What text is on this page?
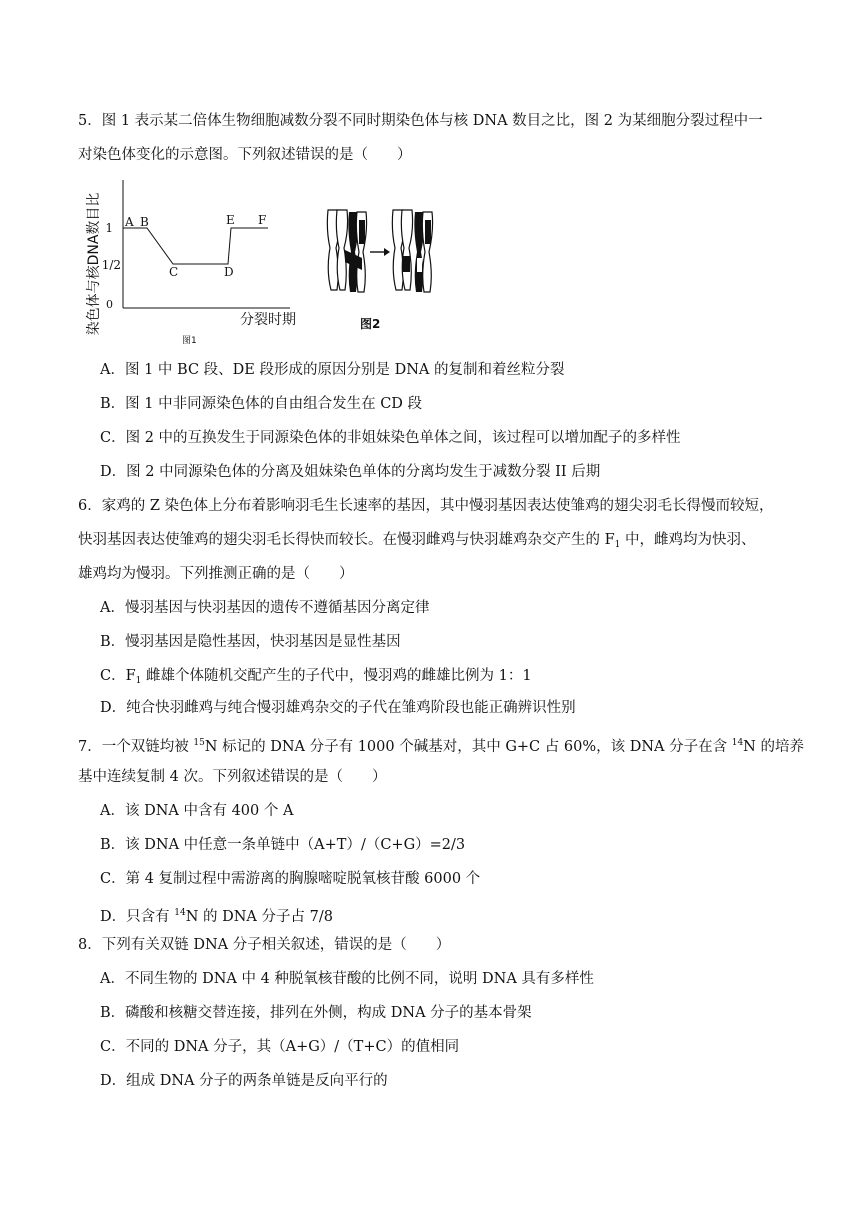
5．图 1 表示某二倍体生物细胞减数分裂不同时期染色体与核 DNA 数目之比，图 2 为某细胞分裂过程中一
对染色体变化的示意图。下列叙述错误的是（　　）
染色体与核DNA数目比 1
1/2
0
A B
C	D
E F
分裂时期
图1
图2
A．图 1 中 BC 段、DE 段形成的原因分别是 DNA 的复制和着丝粒分裂
B．图 1 中非同源染色体的自由组合发生在 CD 段
C．图 2 中的互换发生于同源染色体的非姐妹染色单体之间，该过程可以增加配子的多样性
D．图 2 中同源染色体的分离及姐妹染色单体的分离均发生于减数分裂 II 后期
6．家鸡的 Z 染色体上分布着影响羽毛生长速率的基因，其中慢羽基因表达使雏鸡的翅尖羽毛长得慢而较短，
快羽基因表达使雏鸡的翅尖羽毛长得快而较长。在慢羽雌鸡与快羽雄鸡杂交产生的 $F_1$ 中，雌鸡均为快羽、
雄鸡均为慢羽。下列推测正确的是（　　）
A．慢羽基因与快羽基因的遗传不遵循基因分离定律
B．慢羽基因是隐性基因，快羽基因是显性基因
C．$F_1$ 雌雄个体随机交配产生的子代中，慢羽鸡的雌雄比例为 1：1
D．纯合快羽雌鸡与纯合慢羽雄鸡杂交的子代在雏鸡阶段也能正确辨识性别
7．一个双链均被 $^{15}$N 标记的 DNA 分子有 1000 个碱基对，其中 G+C 占 60%，该 DNA 分子在含 $^{14}$N 的培养
基中连续复制 4 次。下列叙述错误的是（　　）
A．该 DNA 中含有 400 个 A
B．该 DNA 中任意一条单链中（A+T）/（C+G）=2/3
C．第 4 复制过程中需游离的胸腺嘧啶脱氧核苷酸 6000 个
D．只含有 $^{14}$N 的 DNA 分子占 7/8
8．下列有关双链 DNA 分子相关叙述，错误的是（　　）
A．不同生物的 DNA 中 4 种脱氧核苷酸的比例不同，说明 DNA 具有多样性
B．磷酸和核糖交替连接，排列在外侧，构成 DNA 分子的基本骨架
C．不同的 DNA 分子，其（A+G）/（T+C）的值相同
D．组成 DNA 分子的两条单链是反向平行的
